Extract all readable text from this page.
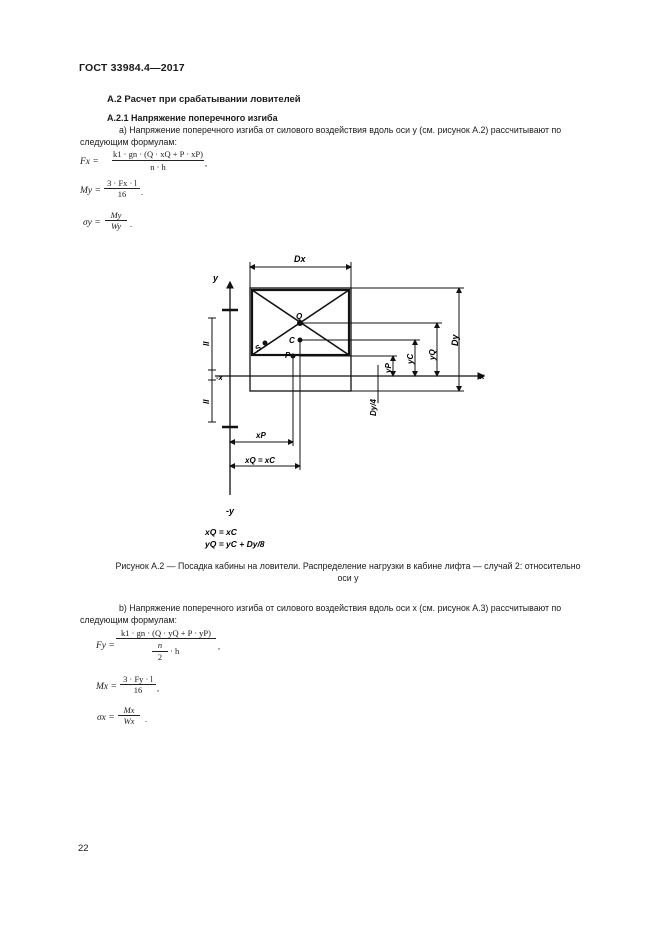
ГОСТ 33984.4—2017
А.2 Расчет при срабатывании ловителей
А.2.1 Напряжение поперечного изгиба
а) Напряжение поперечного изгиба от силового воздействия вдоль оси y (см. рисунок А.2) рассчитывают по
следующим формулам:
$Fx = \frac{k1 \cdot gn \cdot (Q \cdot xQ + P \cdot xP)}{n \cdot h}$ ,
$My = \frac{3 \cdot Fx \cdot l}{16}$ .
$\sigma y = \frac{My}{Wy}$ .
Dx
y
-y
x
-x
Q
C
P
S
xP
xQ = xC
Dy
yQ
yC
yP
Dy/4
II
II
xQ = xC
yQ = yC + Dy/8
Рисунок А.2 — Посадка кабины на ловители. Распределение нагрузки в кабине лифта — случай 2: относительно
оси y
b) Напряжение поперечного изгиба от силового воздействия вдоль оси x (см. рисунок А.3) рассчитывают по
следующим формулам:
Fy = k1 · gn · (Q · yQ + P · yP)
n
2
· h ,
$Mx = \frac{3 \cdot Fy \cdot l}{16}$ ,
$\sigma x = \frac{Mx}{Wx}$ .
22
